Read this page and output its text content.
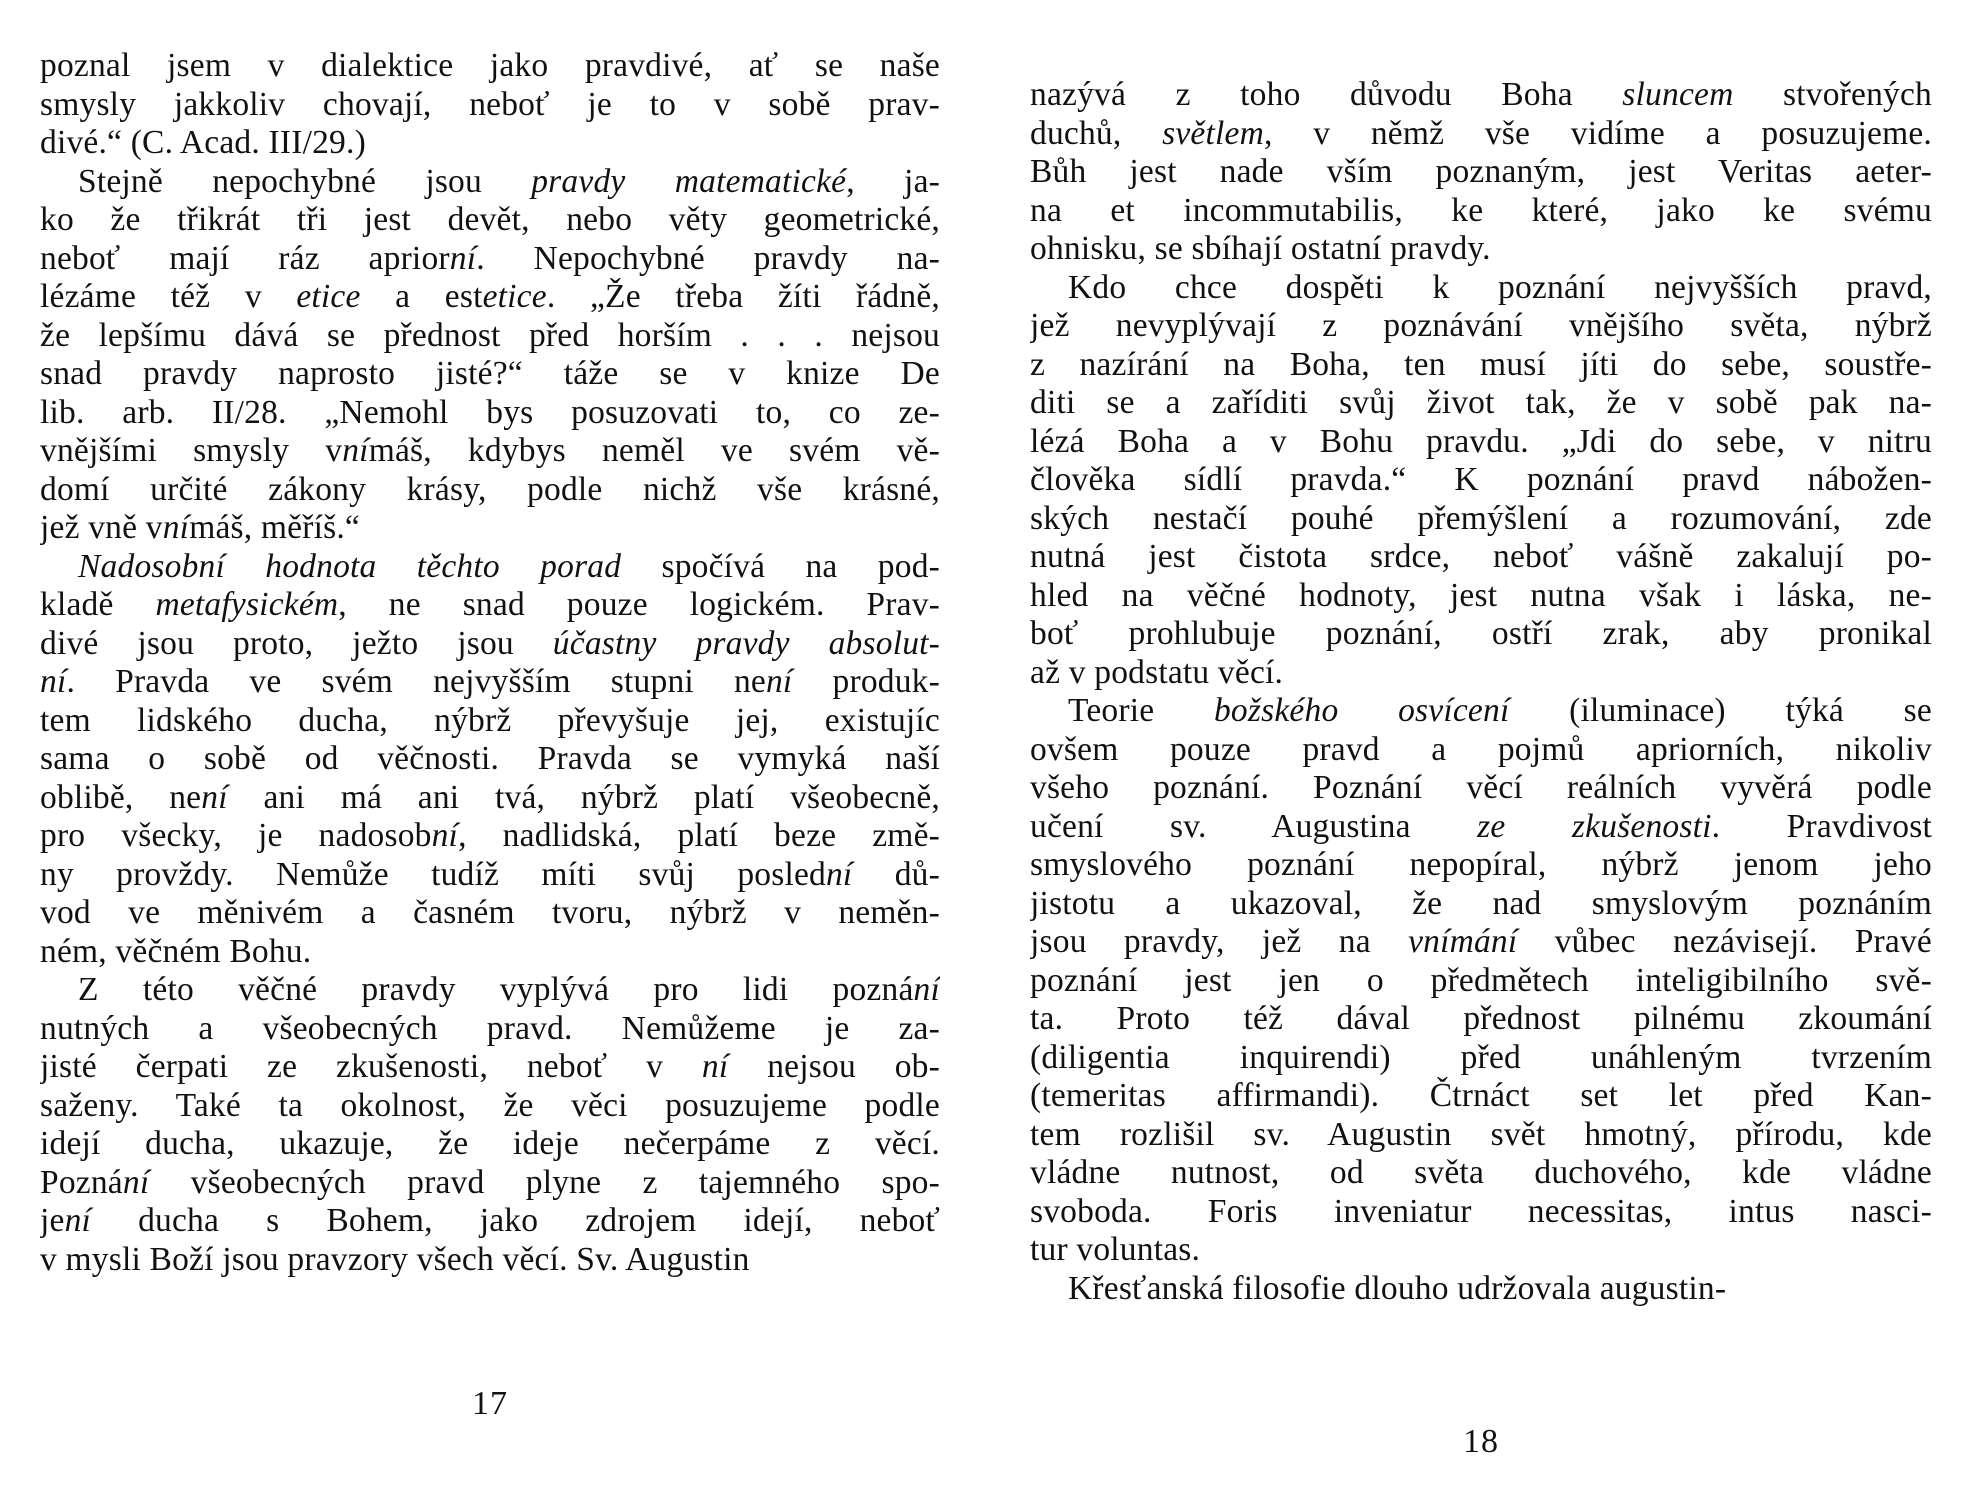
poznal jsem v dialektice jako pravdivé, ať se naše
smysly jakkoliv chovají, neboť je to v sobě prav-
divé.“ (C. Acad. III/29.)
Stejně nepochybné jsou pravdy matematické, ja-
ko že třikrát tři jest devět, nebo věty geometrické,
neboť mají ráz apriorní. Nepochybné pravdy na-
lézáme též v etice a estetice. „Že třeba žíti řádně,
že lepšímu dává se přednost před horším . . . nejsou
snad pravdy naprosto jisté?“ táže se v knize De
lib. arb. II/28. „Nemohl bys posuzovati to, co ze-
vnějšími smysly vnímáš, kdybys neměl ve svém vě-
domí určité zákony krásy, podle nichž vše krásné,
jež vně vnímáš, měříš.“
Nadosobní hodnota těchto porad spočívá na pod-
kladě metafysickém, ne snad pouze logickém. Prav-
divé jsou proto, ježto jsou účastny pravdy absolut-
ní. Pravda ve svém nejvyšším stupni není produk-
tem lidského ducha, nýbrž převyšuje jej, existujíc
sama o sobě od věčnosti. Pravda se vymyká naší
oblibě, není ani má ani tvá, nýbrž platí všeobecně,
pro všecky, je nadosobní, nadlidská, platí beze změ-
ny provždy. Nemůže tudíž míti svůj poslední dů-
vod ve měnivém a časném tvoru, nýbrž v neměn-
ném, věčném Bohu.
Z této věčné pravdy vyplývá pro lidi poznání
nutných a všeobecných pravd. Nemůžeme je za-
jisté čerpati ze zkušenosti, neboť v ní nejsou ob-
saženy. Také ta okolnost, že věci posuzujeme podle
idejí ducha, ukazuje, že ideje nečerpáme z věcí.
Poznání všeobecných pravd plyne z tajemného spo-
jení ducha s Bohem, jako zdrojem idejí, neboť
v mysli Boží jsou pravzory všech věcí. Sv. Augustin
17
nazývá z toho důvodu Boha sluncem stvořených
duchů, světlem, v němž vše vidíme a posuzujeme.
Bůh jest nade vším poznaným, jest Veritas aeter-
na et incommutabilis, ke které, jako ke svému
ohnisku, se sbíhají ostatní pravdy.
Kdo chce dospěti k poznání nejvyšších pravd,
jež nevyplývají z poznávání vnějšího světa, nýbrž
z nazírání na Boha, ten musí jíti do sebe, soustře-
diti se a zaříditi svůj život tak, že v sobě pak na-
lézá Boha a v Bohu pravdu. „Jdi do sebe, v nitru
člověka sídlí pravda.“ K poznání pravd nábožen-
ských nestačí pouhé přemýšlení a rozumování, zde
nutná jest čistota srdce, neboť vášně zakalují po-
hled na věčné hodnoty, jest nutna však i láska, ne-
boť prohlubuje poznání, ostří zrak, aby pronikal
až v podstatu věcí.
Teorie božského osvícení (iluminace) týká se
ovšem pouze pravd a pojmů apriorních, nikoliv
všeho poznání. Poznání věcí reálních vyvěrá podle
učení sv. Augustina ze zkušenosti. Pravdivost
smyslového poznání nepopíral, nýbrž jenom jeho
jistotu a ukazoval, že nad smyslovým poznáním
jsou pravdy, jež na vnímání vůbec nezávisejí. Pravé
poznání jest jen o předmětech inteligibilního svě-
ta. Proto též dával přednost pilnému zkoumání
(diligentia inquirendi) před unáhleným tvrzením
(temeritas affirmandi). Čtrnáct set let před Kan-
tem rozlišil sv. Augustin svět hmotný, přírodu, kde
vládne nutnost, od světa duchového, kde vládne
svoboda. Foris inveniatur necessitas, intus nasci-
tur voluntas.
Křesťanská filosofie dlouho udržovala augustin-
18
